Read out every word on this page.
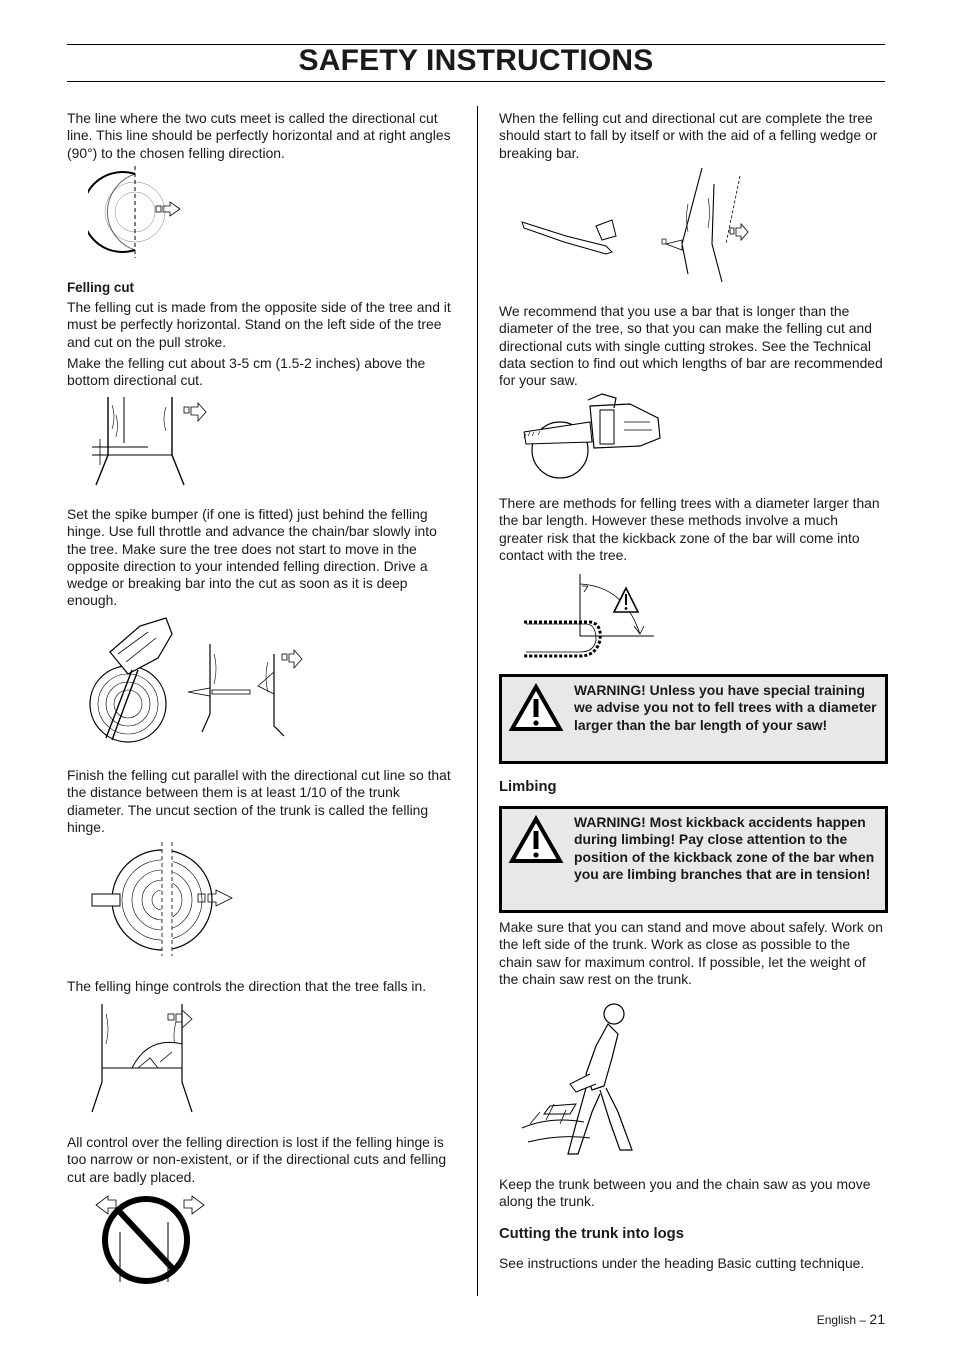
SAFETY INSTRUCTIONS

The line where the two cuts meet is called the directional cut line. This line should be perfectly horizontal and at right angles (90°) to the chosen felling direction.

Felling cut

The felling cut is made from the opposite side of the tree and it must be perfectly horizontal. Stand on the left side of the tree and cut on the pull stroke.

Make the felling cut about 3-5 cm (1.5-2 inches) above the bottom directional cut.

Set the spike bumper (if one is fitted) just behind the felling hinge. Use full throttle and advance the chain/bar slowly into the tree. Make sure the tree does not start to move in the opposite direction to your intended felling direction. Drive a wedge or breaking bar into the cut as soon as it is deep enough.

Finish the felling cut parallel with the directional cut line so that the distance between them is at least 1/10 of the trunk diameter. The uncut section of the trunk is called the felling hinge.

The felling hinge controls the direction that the tree falls in.

All control over the felling direction is lost if the felling hinge is too narrow or non-existent, or if the directional cuts and felling cut are badly placed.

When the felling cut and directional cut are complete the tree should start to fall by itself or with the aid of a felling wedge or breaking bar.

We recommend that you use a bar that is longer than the diameter of the tree, so that you can make the felling cut and directional cuts with single cutting strokes. See the Technical data section to find out which lengths of bar are recommended for your saw.

There are methods for felling trees with a diameter larger than the bar length. However these methods involve a much greater risk that the kickback zone of the bar will come into contact with the tree.

WARNING! Unless you have special training we advise you not to fell trees with a diameter larger than the bar length of your saw!
Limbing
WARNING! Most kickback accidents happen during limbing! Pay close attention to the position of the kickback zone of the bar when you are limbing branches that are in tension!

Make sure that you can stand and move about safely. Work on the left side of the trunk. Work as close as possible to the chain saw for maximum control. If possible, let the weight of the chain saw rest on the trunk.

Keep the trunk between you and the chain saw as you move along the trunk.

Cutting the trunk into logs

See instructions under the heading Basic cutting technique.

English – 21
